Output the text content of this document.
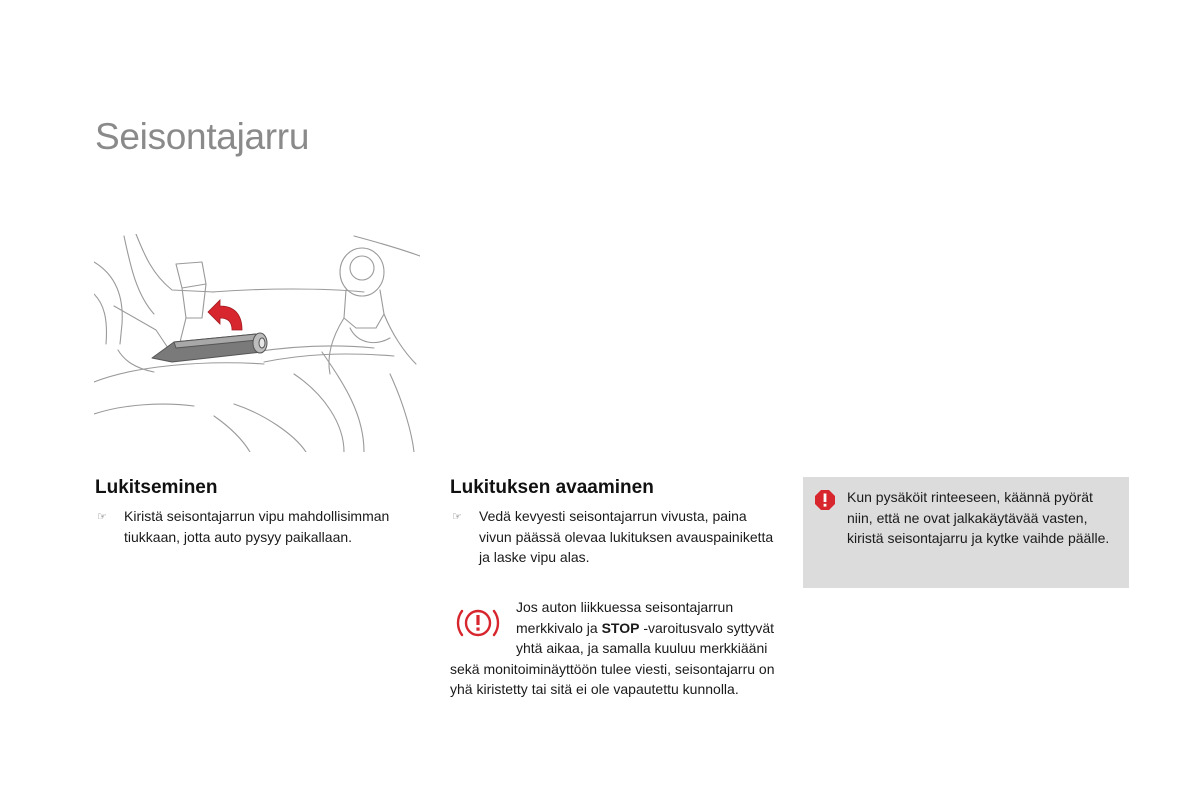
Seisontajarru
Lukitseminen
☞	Kiristä seisontajarrun vipu mahdollisimman tiukkaan, jotta auto pysyy paikallaan.
Lukituksen avaaminen
☞	Vedä kevyesti seisontajarrun vivusta, paina vivun päässä olevaa lukituksen avauspainiketta ja laske vipu alas.
Jos auton liikkuessa seisontajarrun merkkivalo ja STOP -varoitusvalo syttyvät yhtä aikaa, ja samalla kuuluu merkkiääni sekä monitoiminäyttöön tulee viesti, seisontajarru on yhä kiristetty tai sitä ei ole vapautettu kunnolla.
Kun pysäköit rinteeseen, käännä pyörät niin, että ne ovat jalkakäytävää vasten, kiristä seisontajarru ja kytke vaihde päälle.
